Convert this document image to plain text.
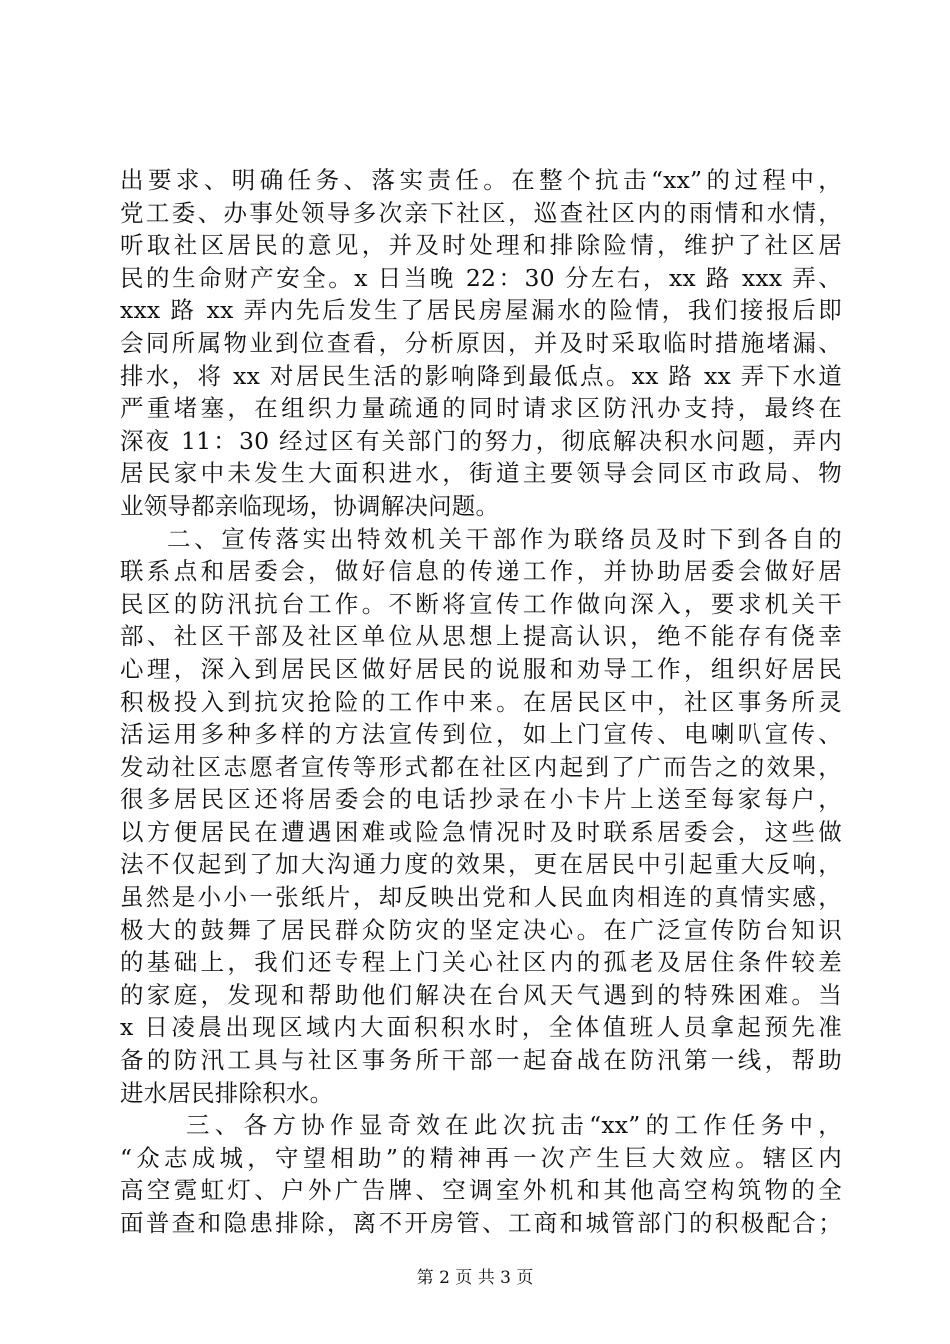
出要求、明确任务、落实责任。在整个抗击“xx”的过程中，
党工委、办事处领导多次亲下社区，巡查社区内的雨情和水情，
听取社区居民的意见，并及时处理和排除险情，维护了社区居
民的生命财产安全。x 日当晚 22：30 分左右，xx 路 xxx 弄、
xxx 路 xx 弄内先后发生了居民房屋漏水的险情，我们接报后即
会同所属物业到位查看，分析原因，并及时采取临时措施堵漏、
排水，将 xx 对居民生活的影响降到最低点。xx 路 xx 弄下水道
严重堵塞，在组织力量疏通的同时请求区防汛办支持，最终在
深夜 11：30 经过区有关部门的努力，彻底解决积水问题，弄内
居民家中未发生大面积进水，街道主要领导会同区市政局、物
业领导都亲临现场，协调解决问题。
二、宣传落实出特效机关干部作为联络员及时下到各自的
联系点和居委会，做好信息的传递工作，并协助居委会做好居
民区的防汛抗台工作。不断将宣传工作做向深入，要求机关干
部、社区干部及社区单位从思想上提高认识，绝不能存有侥幸
心理，深入到居民区做好居民的说服和劝导工作，组织好居民
积极投入到抗灾抢险的工作中来。在居民区中，社区事务所灵
活运用多种多样的方法宣传到位，如上门宣传、电喇叭宣传、
发动社区志愿者宣传等形式都在社区内起到了广而告之的效果，
很多居民区还将居委会的电话抄录在小卡片上送至每家每户，
以方便居民在遭遇困难或险急情况时及时联系居委会，这些做
法不仅起到了加大沟通力度的效果，更在居民中引起重大反响，
虽然是小小一张纸片，却反映出党和人民血肉相连的真情实感，
极大的鼓舞了居民群众防灾的坚定决心。在广泛宣传防台知识
的基础上，我们还专程上门关心社区内的孤老及居住条件较差
的家庭，发现和帮助他们解决在台风天气遇到的特殊困难。当
x 日凌晨出现区域内大面积积水时，全体值班人员拿起预先准
备的防汛工具与社区事务所干部一起奋战在防汛第一线，帮助
进水居民排除积水。
三、各方协作显奇效在此次抗击“xx”的工作任务中，
“众志成城，守望相助”的精神再一次产生巨大效应。辖区内
高空霓虹灯、户外广告牌、空调室外机和其他高空构筑物的全
面普查和隐患排除，离不开房管、工商和城管部门的积极配合；
第 2 页 共 3 页
